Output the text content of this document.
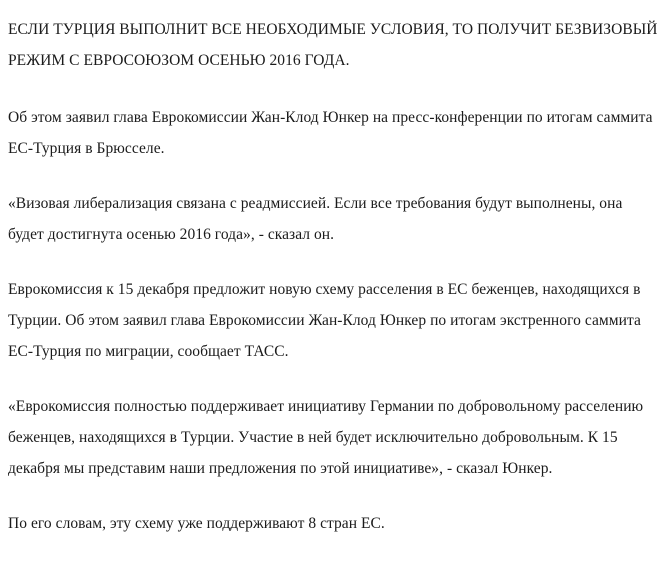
ЕСЛИ ТУРЦИЯ ВЫПОЛНИТ ВСЕ НЕОБХОДИМЫЕ УСЛОВИЯ, ТО ПОЛУЧИТ БЕЗВИЗОВЫЙ РЕЖИМ С ЕВРОСОЮЗОМ ОСЕНЬЮ 2016 ГОДА.

Об этом заявил глава Еврокомиссии Жан-Клод Юнкер на пресс-конференции по итогам саммита ЕС-Турция в Брюсселе.

«Визовая либерализация связана с реадмиссией. Если все требования будут выполнены, она будет достигнута осенью 2016 года», - сказал он.

Еврокомиссия к 15 декабря предложит новую схему расселения в ЕС беженцев, находящихся в Турции. Об этом заявил глава Еврокомиссии Жан-Клод Юнкер по итогам экстренного саммита ЕС-Турция по миграции, сообщает ТАСС.

«Еврокомиссия полностью поддерживает инициативу Германии по добровольному расселению беженцев, находящихся в Турции. Участие в ней будет исключительно добровольным. К 15 декабря мы представим наши предложения по этой инициативе», - сказал Юнкер.

По его словам, эту схему уже поддерживают 8 стран ЕС.
